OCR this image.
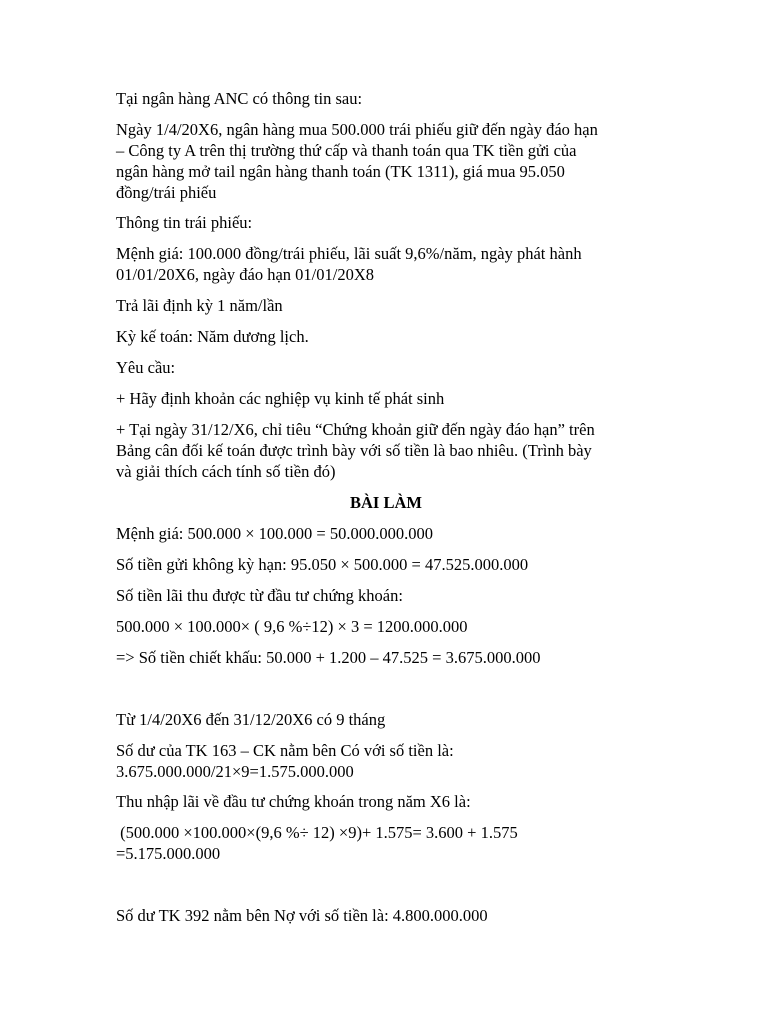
Tại ngân hàng ANC có thông tin sau:

Ngày 1/4/20X6, ngân hàng mua 500.000 trái phiếu giữ đến ngày đáo hạn
– Công ty A trên thị trường thứ cấp và thanh toán qua TK tiền gửi của
ngân hàng mở tail ngân hàng thanh toán (TK 1311), giá mua 95.050
đồng/trái phiếu

Thông tin trái phiếu:

Mệnh giá: 100.000 đồng/trái phiếu, lãi suất 9,6%/năm, ngày phát hành
01/01/20X6, ngày đáo hạn 01/01/20X8

Trả lãi định kỳ 1 năm/lần

Kỳ kế toán: Năm dương lịch.

Yêu cầu:

+ Hãy định khoản các nghiệp vụ kinh tế phát sinh

+ Tại ngày 31/12/X6, chỉ tiêu “Chứng khoản giữ đến ngày đáo hạn” trên
Bảng cân đối kế toán được trình bày với số tiền là bao nhiêu. (Trình bày
và giải thích cách tính số tiền đó)

BÀI LÀM

Mệnh giá: 500.000 × 100.000 = 50.000.000.000

Số tiền gửi không kỳ hạn: 95.050 × 500.000 = 47.525.000.000

Số tiền lãi thu được từ đầu tư chứng khoán:

500.000 × 100.000× ( 9,6 %÷12) × 3 = 1200.000.000

=> Số tiền chiết khấu: 50.000 + 1.200 – 47.525 = 3.675.000.000

Từ 1/4/20X6 đến 31/12/20X6 có 9 tháng

Số dư của TK 163 – CK nằm bên Có với số tiền là:
3.675.000.000/21×9=1.575.000.000

Thu nhập lãi về đầu tư chứng khoán trong năm X6 là:

(500.000 ×100.000×(9,6 %÷ 12) ×9)+ 1.575= 3.600 + 1.575
=5.175.000.000

Số dư TK 392 nằm bên Nợ với số tiền là: 4.800.000.000
